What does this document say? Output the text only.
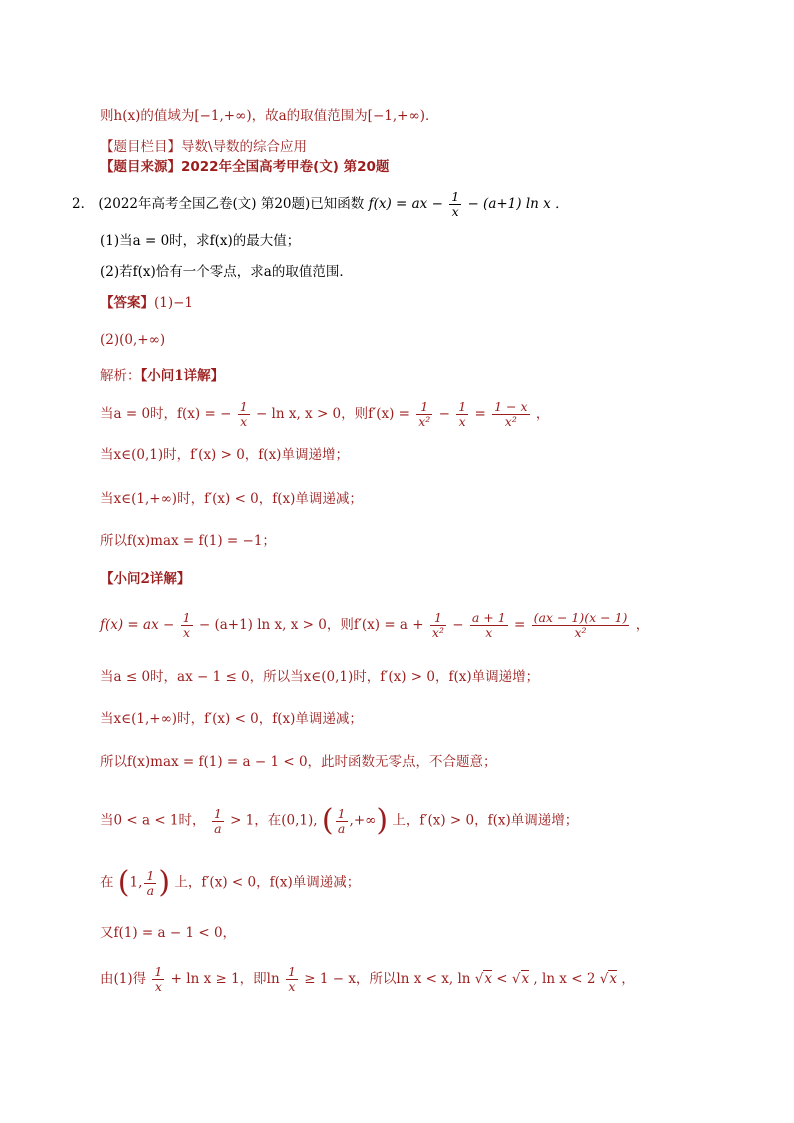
则h(x)的值域为[−1,+∞)，故a的取值范围为[−1,+∞)．
【题目栏目】导数\导数的综合应用
【题目来源】2022年全国高考甲卷(文) 第20题
2． (2022年高考全国乙卷(文) 第20题)已知函数 f(x) = ax − $\frac{1}{x} - (a+1)$ ln x ．
(1)当a = 0时，求f(x)的最大值；
(2)若f(x)恰有一个零点，求a的取值范围．
【答案】(1)−1
(2)(0,+∞)
解析：【小问1详解】
当a = 0时，f(x) = − $\frac{1}{x} - \ln x$, x > 0，则$f'(x) = \frac{1}{\text{x²}} - \frac{1}{x} = \frac{1 - x}{\text{x²}}$ ，
当x∈(0,1)时，f′(x) > 0，f(x)单调递增；
当x∈(1,+∞)时，f′(x) < 0，f(x)单调递减；
所以f(x)max = f(1) = −1；
【小问2详解】
f(x) = ax − $\frac{1}{x} - (a+1)$ ln x, x > 0，则$f'(x) = a + \frac{1}{\text{x²}} - \frac{a + 1}{x} = \frac{(ax - 1)(x - 1)}{\text{x²}}$ ，
当a ≤ 0时，ax − 1 ≤ 0，所以当x∈(0,1)时，f′(x) > 0，f(x)单调递增；
当x∈(1,+∞)时，f′(x) < 0，f(x)单调递减；
所以f(x)max = f(1) = a − 1 < 0，此时函数无零点，不合题意；
当0 < a < 1时， $\frac{1}{a} > 1$，在(0,1), ( $\frac{1}{a}$ ,+∞) 上，f′(x) > 0，f(x)单调递增；
在 (1, $\frac{1}{a}$ ) 上，f′(x) < 0，f(x)单调递减；
又f(1) = a − 1 < 0，
由(1)得 $\frac{1}{x} + \ln x \ge 1$，即$\ln \frac{1}{x} \ge 1 - x$，所以ln x < x, ln √x < √x , ln x < 2 √x ，
